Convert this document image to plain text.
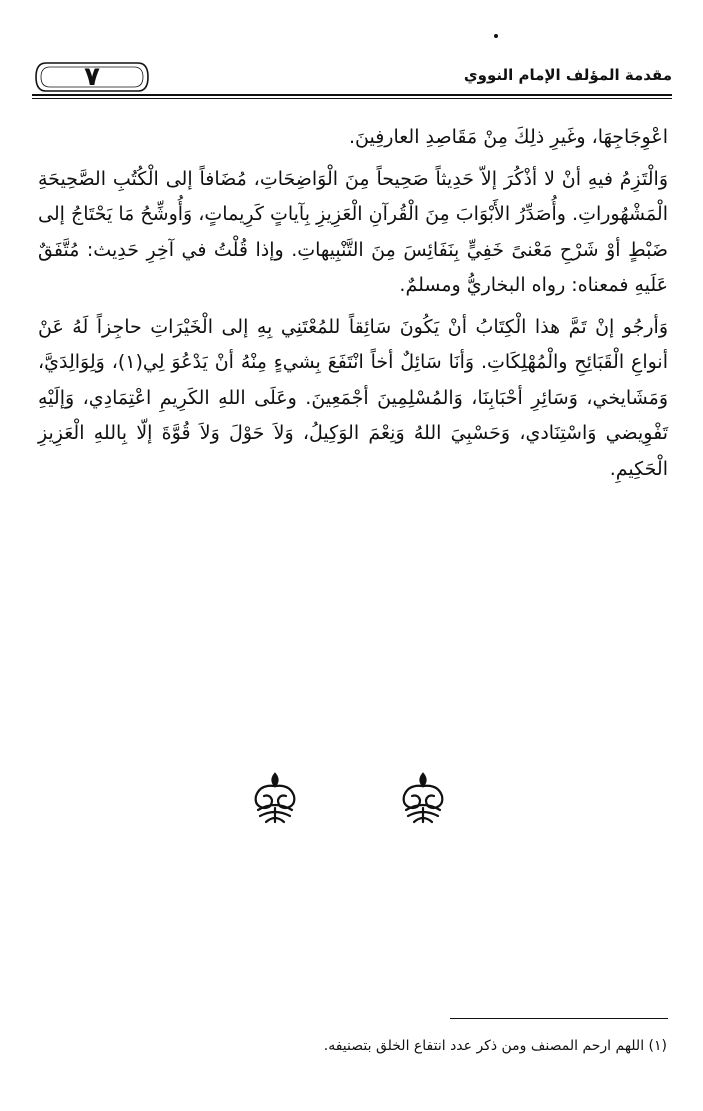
٧	مقدمة المؤلف الإمام النووي

اعْوِجَاجِهَا، وغَيرِ ذلِكَ مِنْ مَقَاصِدِ العارفِينَ.

وَالْتَزِمُ فيهِ أنْ لا أذْكُرَ إلاّ حَدِيثاً صَحِيحاً مِنَ الْوَاضِحَاتِ، مُضَافاً إلى الْكُتُبِ الصَّحِيحَةِ الْمَشْهُوراتِ. وأُصَدِّرُ الأَبْوَابَ مِنَ الْقُرآنِ الْعَزِيزِ بِآياتٍ كَرِيماتٍ، وَأُوشِّحُ مَا يَحْتَاجُ إلى ضَبْطٍ أوْ شَرْحِ مَعْنىً خَفِيٍّ بِنَفَائِسَ مِنَ التَّنْبِيهاتِ. وإذا قُلْتُ في آخِرِ حَدِيث: مُتَّفَقٌ عَلَيهِ فمعناه: رواه البخاريُّ ومسلمٌ.

وَأرجُو إنْ تَمَّ هذا الْكِتَابُ أنْ يَكُونَ سَائِقاً للمُعْتَنِي بِهِ إلى الْخَيْرَاتِ حاجِزاً لَهُ عَنْ أنواعِ الْقَبَائِحِ والْمُهْلِكَاتِ. وَأنَا سَائِلٌ أخاً انْتَفَعَ بِشيءٍ مِنْهُ أنْ يَدْعُوَ لِي(١)، وَلِوَالِدَيَّ، وَمَشَايخي، وَسَائِرِ أحْبَابِنَا، وَالمُسْلِمِينَ أجْمَعِينَ. وعَلَى اللهِ الكَرِيمِ اعْتِمَادِي، وَإلَيْهِ تَفْوِيضي وَاسْتِنَادي، وَحَسْبِيَ اللهُ وَنِعْمَ الوَكِيلُ، وَلاَ حَوْلَ وَلاَ قُوَّةَ إلّا بِاللهِ الْعَزِيزِ الْحَكِيمِ.

(١) اللهم ارحم المصنف ومن ذكر عدد انتفاع الخلق بتصنيفه.
